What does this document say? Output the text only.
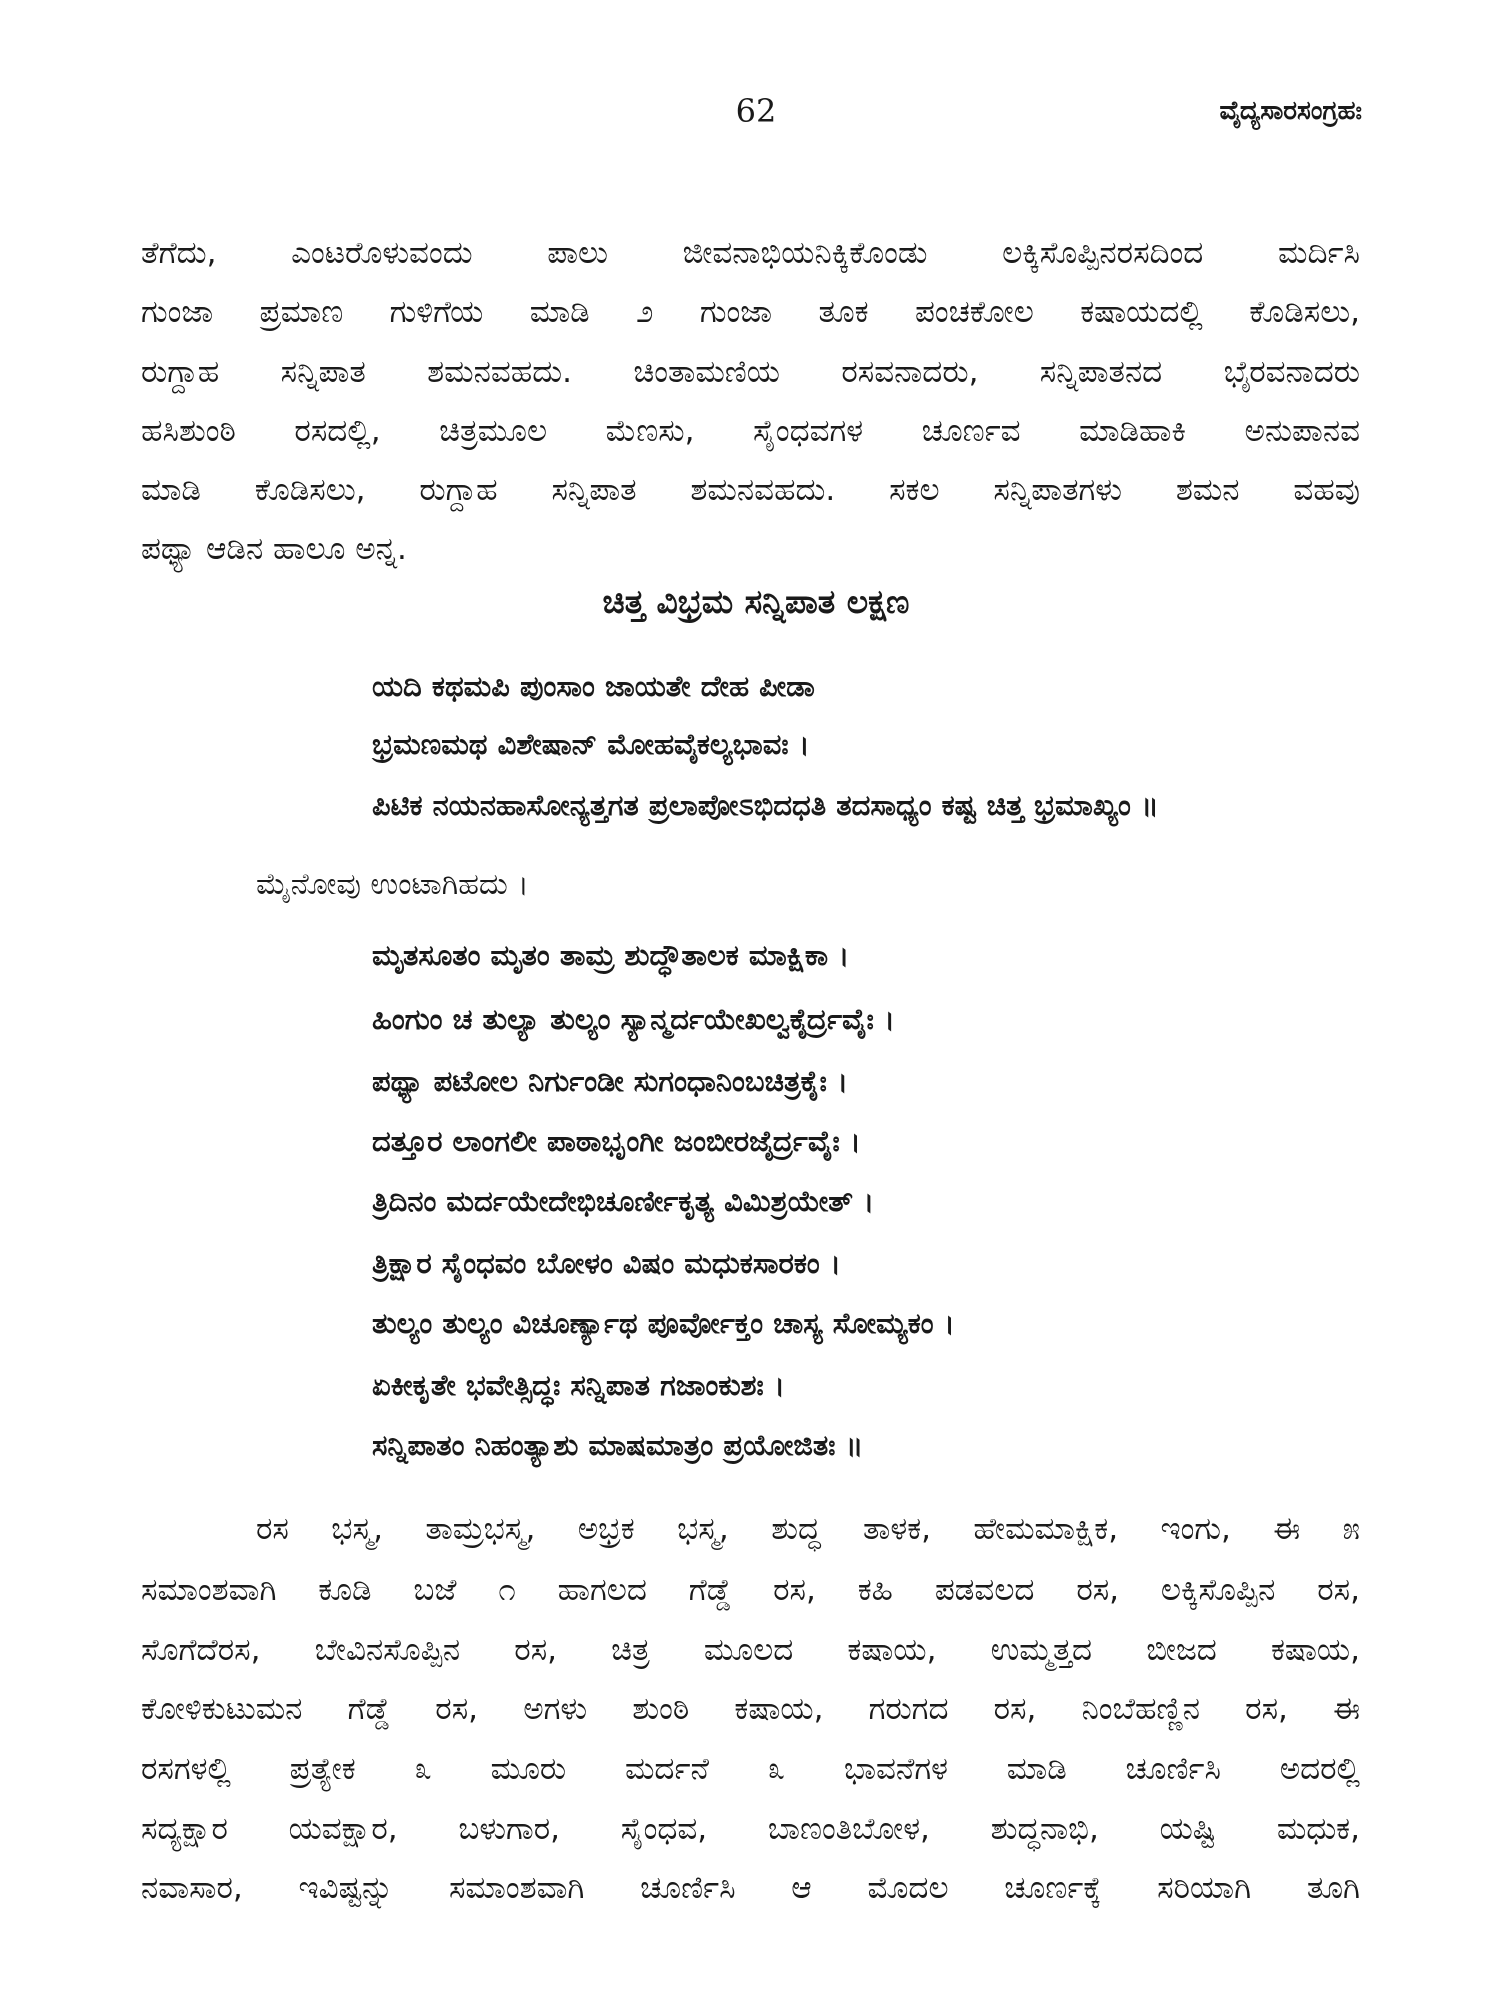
62	ವೈದ್ಯಸಾರಸಂಗ್ರಹಃ
ತೆಗೆದು, ಎಂಟರೊಳುವಂದು ಪಾಲು ಜೀವನಾಭಿಯನಿಕ್ಕಿಕೊಂಡು ಲಕ್ಕಿಸೊಪ್ಪಿನರಸದಿಂದ ಮರ್ದಿಸಿ
ಗುಂಜಾ ಪ್ರಮಾಣ ಗುಳಿಗೆಯ ಮಾಡಿ ೨ ಗುಂಜಾ ತೂಕ ಪಂಚಕೋಲ ಕಷಾಯದಲ್ಲಿ ಕೊಡಿಸಲು,
ರುಗ್ದಾಹ ಸನ್ನಿಪಾತ ಶಮನವಹದು. ಚಿಂತಾಮಣಿಯ ರಸವನಾದರು, ಸನ್ನಿಪಾತನದ ಭೈರವನಾದರು
ಹಸಿಶುಂಠಿ ರಸದಲ್ಲಿ, ಚಿತ್ರಮೂಲ ಮೆಣಸು, ಸೈಂಧವಗಳ ಚೂರ್ಣವ ಮಾಡಿಹಾಕಿ ಅನುಪಾನವ
ಮಾಡಿ ಕೊಡಿಸಲು, ರುಗ್ದಾಹ ಸನ್ನಿಪಾತ ಶಮನವಹದು. ಸಕಲ ಸನ್ನಿಪಾತಗಳು ಶಮನ ವಹವು
ಪಥ್ಯಾ ಆಡಿನ ಹಾಲೂ ಅನ್ನ.
ಚಿತ್ತ ವಿಭ್ರಮ ಸನ್ನಿಪಾತ ಲಕ್ಷಣ
ಯದಿ ಕಥಮಪಿ ಪುಂಸಾಂ ಜಾಯತೇ ದೇಹ ಪೀಡಾ
ಭ್ರಮಣಮಥ ವಿಶೇಷಾನ್ ಮೋಹವೈಕಲ್ಯಭಾವಃ ।
ಪಿಟಿಕ ನಯನಹಾಸೋನ್ಯತ್ತಗತ ಪ್ರಲಾಪೋಽಭಿದಧತಿ ತದಸಾಧ್ಯಂ ಕಷ್ಟ ಚಿತ್ತ ಭ್ರಮಾಖ್ಯಂ ॥
ಮೈನೋವು ಉಂಟಾಗಿಹದು ।
ಮೃತಸೂತಂ ಮೃತಂ ತಾಮ್ರ ಶುದ್ಧೌತಾಲಕ ಮಾಕ್ಷಿಕಾ ।
ಹಿಂಗುಂ ಚ ತುಲ್ಯಾ ತುಲ್ಯಂ ಸ್ಯಾನ್ಮರ್ದಯೇಖಲ್ವಕೈರ್ದ್ರವೈಃ ।
ಪಥ್ಯಾ ಪಟೋಲ ನಿರ್ಗುಂಡೀ ಸುಗಂಧಾನಿಂಬಚಿತ್ರಕೈಃ ।
ದತ್ತೂರ ಲಾಂಗಲೀ ಪಾಠಾಭೃಂಗೀ ಜಂಬೀರಜೈರ್ದ್ರವೈಃ ।
ತ್ರಿದಿನಂ ಮರ್ದಯೇದೇಭಿಚೂರ್ಣೀಕೃತ್ಯ ವಿಮಿಶ್ರಯೇತ್ ।
ತ್ರಿಕ್ಷಾರ ಸೈಂಧವಂ ಬೋಳಂ ವಿಷಂ ಮಧುಕಸಾರಕಂ ।
ತುಲ್ಯಂ ತುಲ್ಯಂ ವಿಚೂರ್ಣ್ಯಾಥ ಪೂರ್ವೋಕ್ತಂ ಚಾಸ್ಯ ಸೋಮ್ಯಕಂ ।
ಏಕೀಕೃತೇ ಭವೇತ್ಸಿದ್ಧಃ ಸನ್ನಿಪಾತ ಗಜಾಂಕುಶಃ ।
ಸನ್ನಿಪಾತಂ ನಿಹಂತ್ಯಾಶು ಮಾಷಮಾತ್ರಂ ಪ್ರಯೋಜಿತಃ ॥
ರಸ ಭಸ್ಮ, ತಾಮ್ರಭಸ್ಮ, ಅಭ್ರಕ ಭಸ್ಮ, ಶುದ್ಧ ತಾಳಕ, ಹೇಮಮಾಕ್ಷಿಕ, ಇಂಗು, ಈ ೫
ಸಮಾಂಶವಾಗಿ ಕೂಡಿ ಬಜೆ ೧ ಹಾಗಲದ ಗೆಡ್ಡೆ ರಸ, ಕಹಿ ಪಡವಲದ ರಸ, ಲಕ್ಕಿಸೊಪ್ಪಿನ ರಸ,
ಸೊಗೆದೆರಸ, ಬೇವಿನಸೊಪ್ಪಿನ ರಸ, ಚಿತ್ರ ಮೂಲದ ಕಷಾಯ, ಉಮ್ಮತ್ತದ ಬೀಜದ ಕಷಾಯ,
ಕೋಳಿಕುಟುಮನ ಗೆಡ್ಡೆ ರಸ, ಅಗಳು ಶುಂಠಿ ಕಷಾಯ, ಗರುಗದ ರಸ, ನಿಂಬೆಹಣ್ಣಿನ ರಸ, ಈ
ರಸಗಳಲ್ಲಿ ಪ್ರತ್ಯೇಕ ೩ ಮೂರು ಮರ್ದನೆ ೩ ಭಾವನೆಗಳ ಮಾಡಿ ಚೂರ್ಣಿಸಿ ಅದರಲ್ಲಿ
ಸದ್ಯಕ್ಷಾರ ಯವಕ್ಷಾರ, ಬಳುಗಾರ, ಸೈಂಧವ, ಬಾಣಂತಿಬೋಳ, ಶುದ್ಧನಾಭಿ, ಯಷ್ಟಿ ಮಧುಕ,
ನವಾಸಾರ, ಇವಿಷ್ಟನ್ನು ಸಮಾಂಶವಾಗಿ ಚೂರ್ಣಿಸಿ ಆ ಮೊದಲ ಚೂರ್ಣಕ್ಕೆ ಸರಿಯಾಗಿ ತೂಗಿ
